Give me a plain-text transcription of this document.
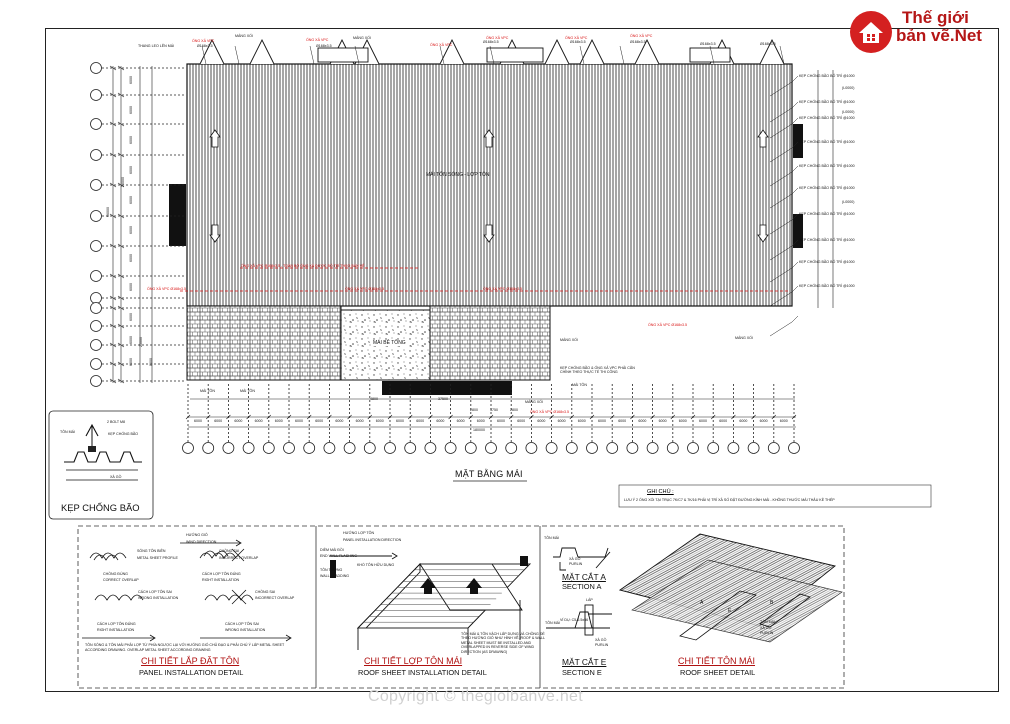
Thế giới
bản vẽ.Net
MÁI TÔN SÓNG - LỢP TÔN
MÁI BÊ TÔNG
MẶT BẰNG MÁI
THANG LEO LÊN MÁI
ỐNG XẢ VPC
MÁNG XỐI
ỐNG XẢ VPC	MÁNG XỐI
ỐNG XẢ VPC
ỐNG XẢ VPC	ỐNG XẢ VPC	ỐNG XẢ VPC
Ø168x3.5	Ø168x3.5
Ø168x3.5	Ø168x3.5	Ø168x3.5	Ø168x3.5	Ø168x3.5
KẸP CHỐNG BÃO BỐ TRÍ @1000
KẸP CHỐNG BÃO BỐ TRÍ @1000
KẸP CHỐNG BÃO BỐ TRÍ @1000
KẸP CHỐNG BÃO BỐ TRÍ @1000
KẸP CHỐNG BÃO BỐ TRÍ @1000
KẸP CHỐNG BÃO BỐ TRÍ @1000
KẸP CHỐNG BÃO BỐ TRÍ @1000
KẸP CHỐNG BÃO BỐ TRÍ @1000
KẸP CHỐNG BÃO BỐ TRÍ @1000
KẸP CHỐNG BÃO BỐ TRÍ @1000
(L0000)
(L0000)
(L0000)
ỐNG XẢ VPC Ø168x3.5 - TOÀN BỘ ỐNG XẢ ĐƯỢC BỐ TRÍ THEO BẢN VẼ
ỐNG XẢ VPC Ø168x3.5	ỐNG XẢ VPC Ø168x3.5	ỐNG XẢ VPC Ø168x3.5
ỐNG XẢ VPC Ø168x3.5
MÁNG XỐI
MÁI TÔN	MÁI TÔN
MÁNG XỐI
ỐNG XẢ VPC Ø168x3.5
MÁNG XỐI
MÁI TÔN
4800	37500
2800	3750	2800
6000	6000	6000	6000	6000	6000	6000	6000	6000	6000	6000	6000	6000	6000	6000	6000	6000	6000	6000	6000	6000	6000	6000	6000	6000	6000	6000	6000	6000	6000
6000
6000
6000
6000
6000
6000
6000
6000
6000
6000
6000
66000
70000
25000
8000
180000
KẸP CHỐNG BÃO & ỐNG XẢ VPC PHẢI CĂN CHỈNH THEO THỰC TẾ THI CÔNG
KẸP CHỐNG BÃO
2 BOLT M8
KẸP CHỐNG BÃO
TÔN MÁI
XÀ GỒ
GHI CHÚ :
LƯU Ý 2 ỐNG XỐI TẠI TRỤC 7K/C7 & 7K/16 PHẢI VỊ TRÍ XẢ SỐ ĐẶT ĐƯỜNG KÍNH MÁI - KHÔNG THƯỚC MÁI THÂU KỀ THÉP
CHI TIẾT LẮP ĐẶT TÔN
PANEL INSTALLATION DETAIL
HƯỚNG GIÓ
WIND DIRECTION
SÓNG TÔN BIÊN
METAL SHEET PROFILE
CHỒNG ĐÚNG
CORRECT OVERLAP
CHỒNG SAI
INCORRECT OVERLAP
CÁCH LỢP TÔN ĐÚNG
RIGHT INSTALLATION
CÁCH LỢP TÔN SAI
WRONG INSTALLATION
CHỒNG SAI
INCORRECT OVERLAP
CÁCH LỢP TÔN ĐÚNG
RIGHT INSTALLATION
CÁCH LỢP TÔN SAI
WRONG INSTALLATION
TÔN SÓNG & TÔN MÁI PHẢI LỢP TỪ PHÍA NGƯỢC LẠI VỚI HƯỚNG GIÓ CHỦ ĐẠO & PHẢI CHÚ Ý LẮP METAL SHEET ACCORDING DRAWING. OVERLAP METAL SHEET ACCORDING DRAWING
CHI TIẾT LỢP TÔN MÁI
ROOF SHEET INSTALLATION DETAIL
HƯỚNG LỢP TÔN
PANEL INSTALLATION DIRECTION
DIỀM MÁI ĐỒI
END WALL FLASHING
KHỔ TÔN HỮU DỤNG
TÔN TƯỜNG
WALL CLADDING
TÔN MÁI & TÔN VÁCH LẮP DỰNG VÀ CHỒNG ĐÈ THEO HƯỚNG GIÓ NHƯ HÌNH VẼ. ROOF & WALL METAL SHEET MUST BE INSTALLED AND OVERLAPPED IN REVERSE SIDE OF WIND DIRECTION (AS DRAWING)
MẶT CẮT A
SECTION A
TÔN MÁI
XÀ GỒ
PURLIN
MẶT CẮT E
SECTION E
LÁP
VÍ DỤ: C5-5.5x56
TÔN MÁI
XÀ GỒ
PURLIN
CHI TIẾT TÔN MÁI
ROOF SHEET DETAIL
TÔN MÁI
XÀ GỒ
PURLIN
A
E
B
Copyright © thegioibanve.net
